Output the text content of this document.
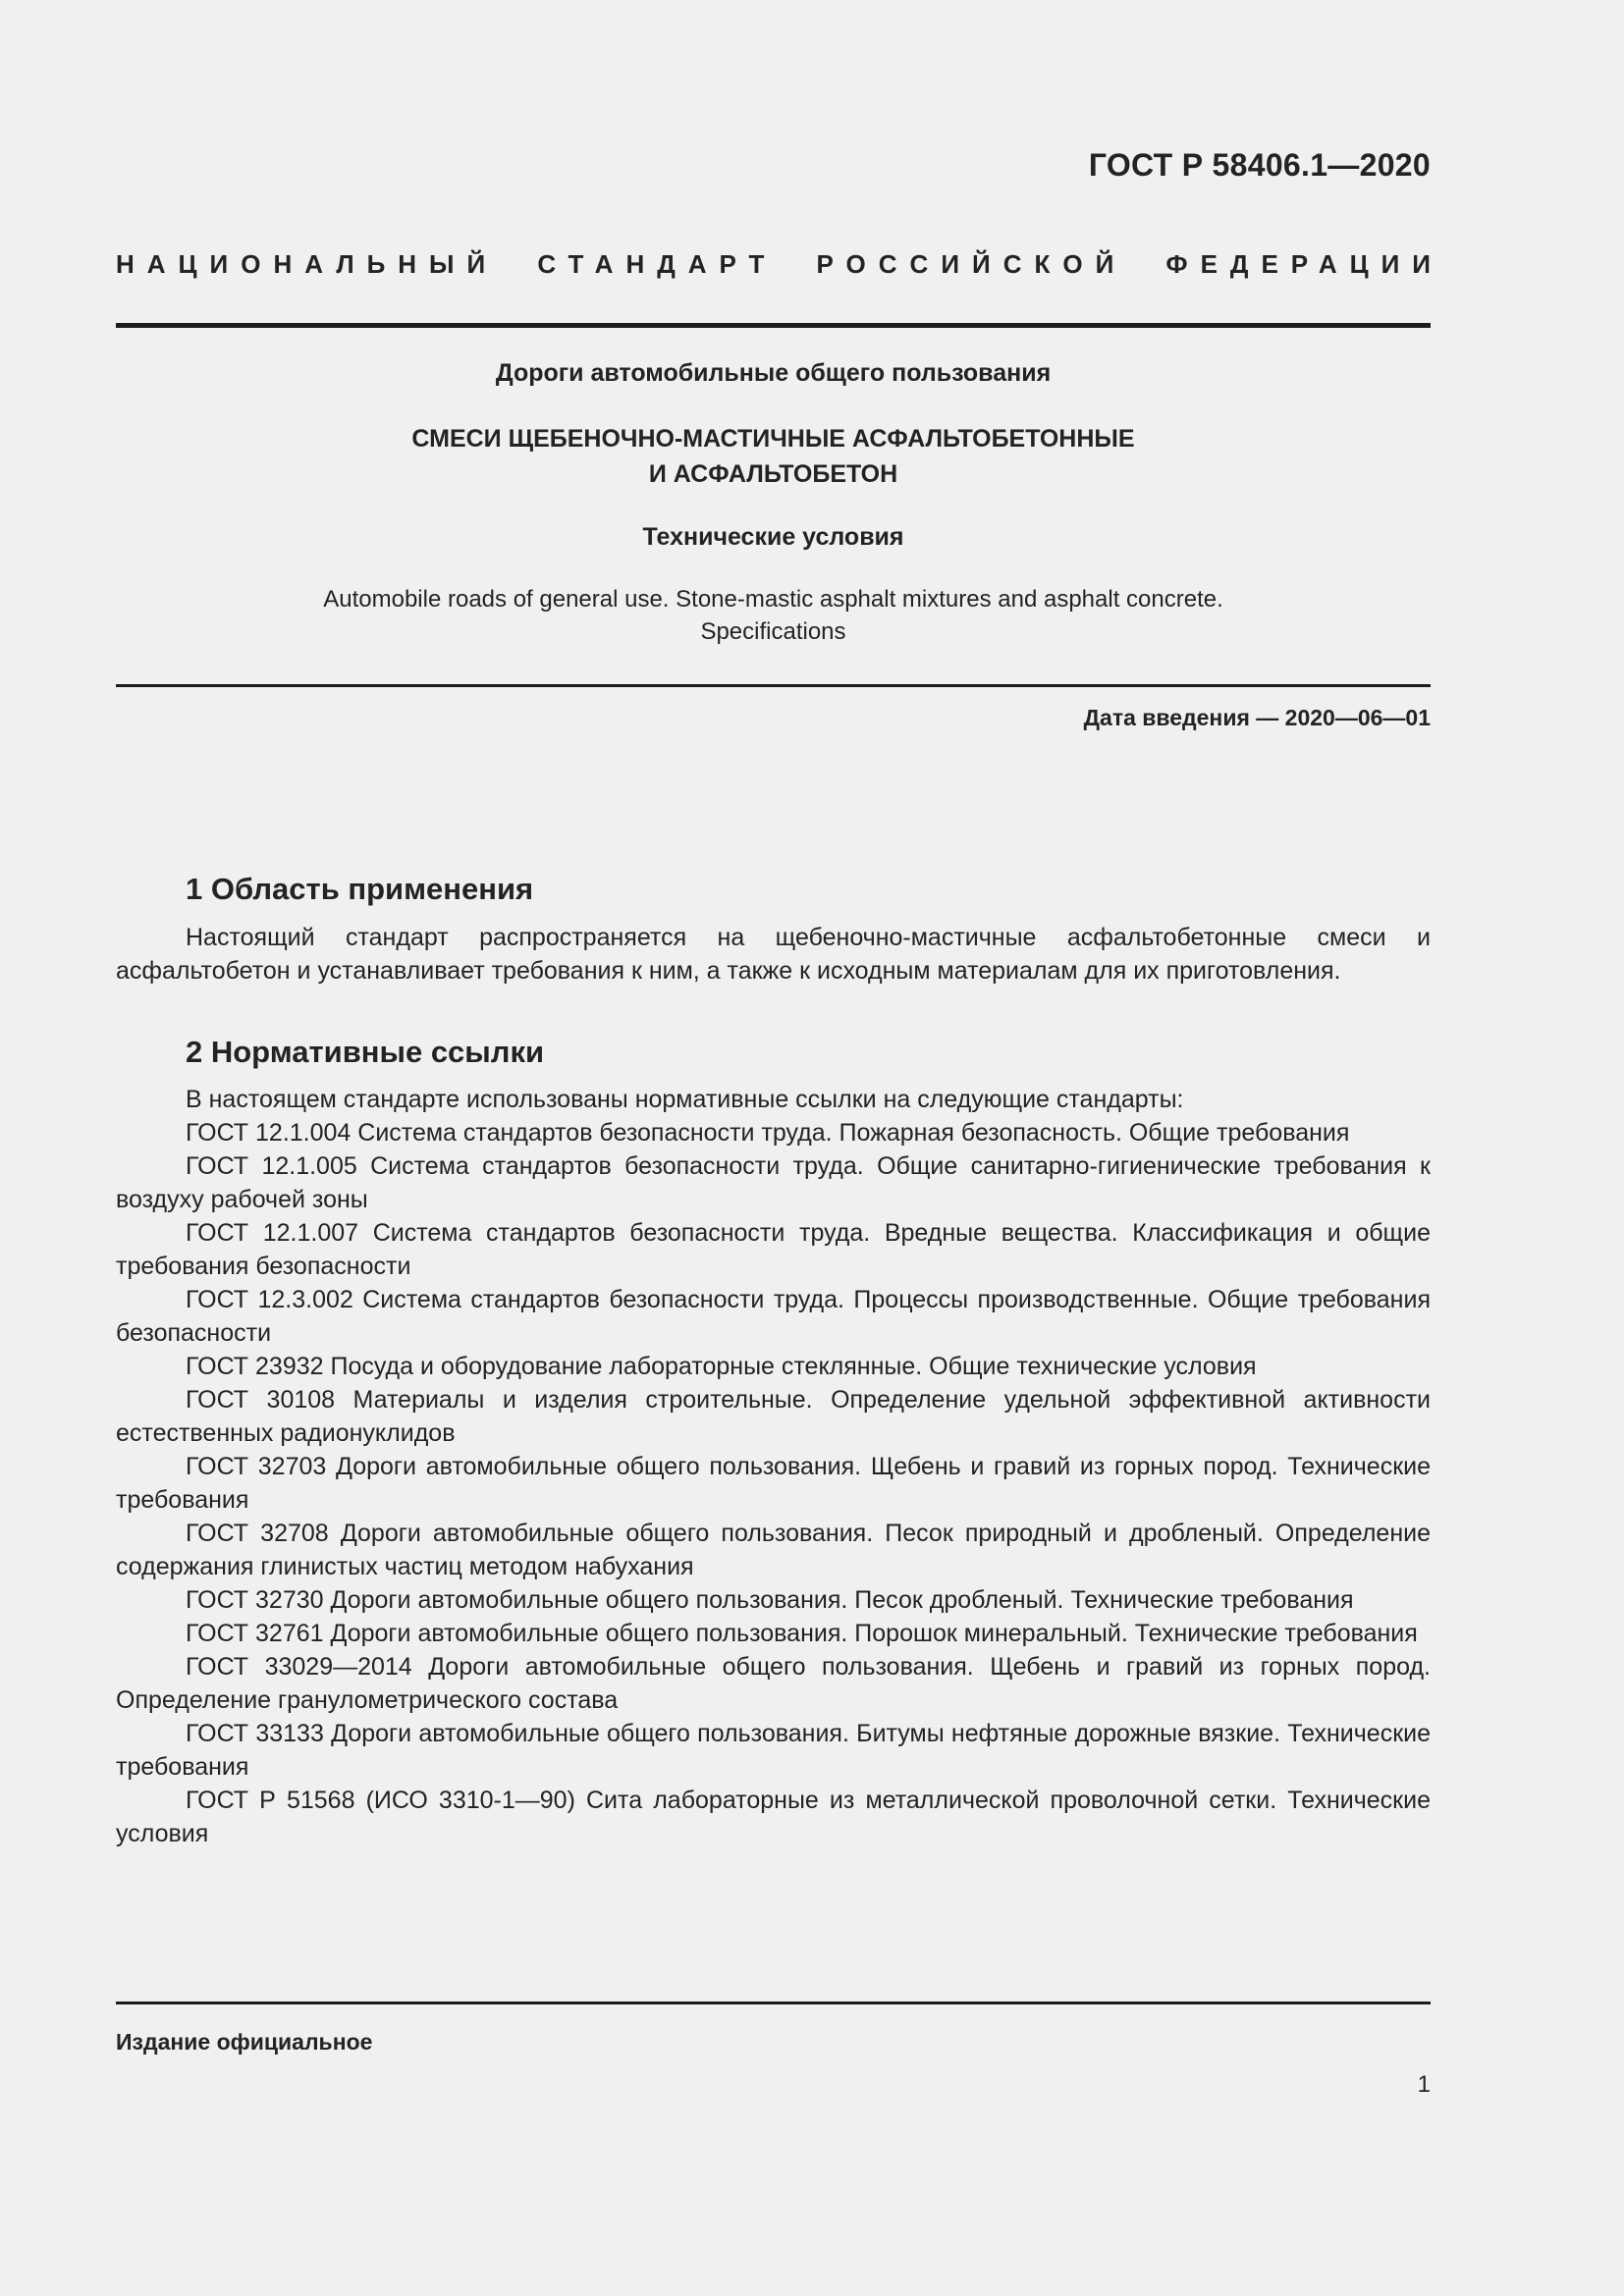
ГОСТ Р 58406.1—2020
НАЦИОНАЛЬНЫЙ СТАНДАРТ РОССИЙСКОЙ ФЕДЕРАЦИИ
Дороги автомобильные общего пользования
СМЕСИ ЩЕБЕНОЧНО-МАСТИЧНЫЕ АСФАЛЬТОБЕТОННЫЕ
И АСФАЛЬТОБЕТОН
Технические условия
Automobile roads of general use. Stone-mastic asphalt mixtures and asphalt concrete.
Specifications
Дата введения — 2020—06—01
1 Область применения

Настоящий стандарт распространяется на щебеночно-мастичные асфальтобетонные смеси и асфальтобетон и устанавливает требования к ним, а также к исходным материалам для их приготовления.

2 Нормативные ссылки

В настоящем стандарте использованы нормативные ссылки на следующие стандарты:

ГОСТ 12.1.004 Система стандартов безопасности труда. Пожарная безопасность. Общие требования

ГОСТ 12.1.005 Система стандартов безопасности труда. Общие санитарно-гигиенические требования к воздуху рабочей зоны

ГОСТ 12.1.007 Система стандартов безопасности труда. Вредные вещества. Классификация и общие требования безопасности

ГОСТ 12.3.002 Система стандартов безопасности труда. Процессы производственные. Общие требования безопасности

ГОСТ 23932 Посуда и оборудование лабораторные стеклянные. Общие технические условия

ГОСТ 30108 Материалы и изделия строительные. Определение удельной эффективной активности естественных радионуклидов

ГОСТ 32703 Дороги автомобильные общего пользования. Щебень и гравий из горных пород. Технические требования

ГОСТ 32708 Дороги автомобильные общего пользования. Песок природный и дробленый. Определение содержания глинистых частиц методом набухания

ГОСТ 32730 Дороги автомобильные общего пользования. Песок дробленый. Технические требования

ГОСТ 32761 Дороги автомобильные общего пользования. Порошок минеральный. Технические требования

ГОСТ 33029—2014 Дороги автомобильные общего пользования. Щебень и гравий из горных пород. Определение гранулометрического состава

ГОСТ 33133 Дороги автомобильные общего пользования. Битумы нефтяные дорожные вязкие. Технические требования

ГОСТ Р 51568 (ИСО 3310-1—90) Сита лабораторные из металлической проволочной сетки. Технические условия

Издание официальное
1
